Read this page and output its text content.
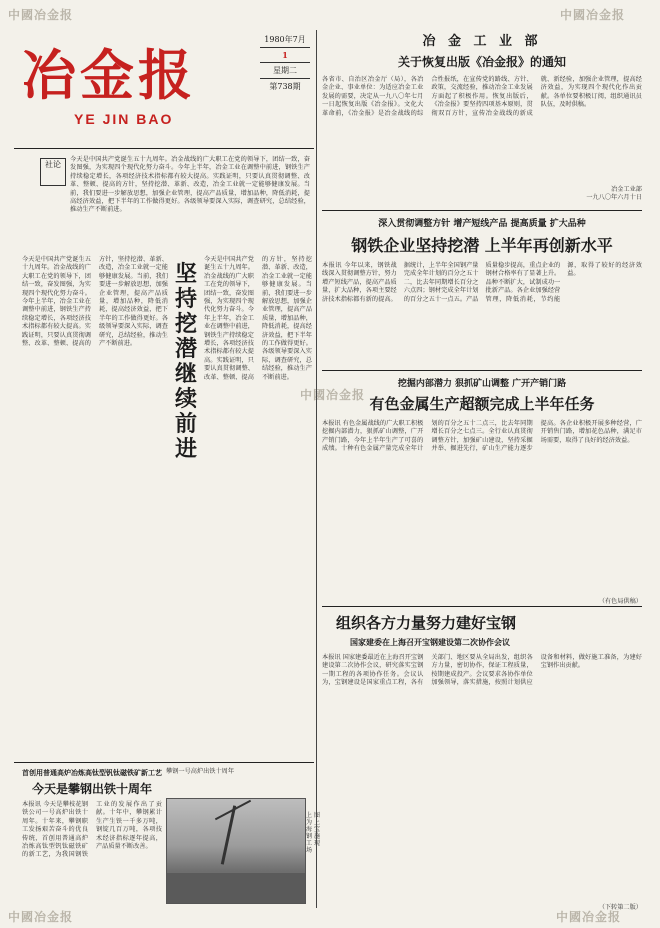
中國冶金报	中國冶金报
中國冶金报	中國冶金报
中國冶金报
冶金报
YE JIN BAO
1980年7月
1
星期二
第738期
冶 金 工 业 部
关于恢复出版《冶金报》的通知
各省市、自治区冶金厅（局），各冶金企业、事业单位：为适应冶金工业发展的需要，决定从一九八〇年七月一日起恢复出版《冶金报》。文化大革命前，《冶金报》是冶金战线的综合性报纸，在宣传党的路线、方针、政策，交流经验，推动冶金工业发展方面起了积极作用。恢复出版后，《冶金报》要坚持四项基本原则，贯彻双百方针，宣传冶金战线的新成就、新经验，加强企业管理，提高经济效益，为实现四个现代化作出贡献。各单位要积极订阅，组织通讯员队伍，及时供稿。
冶金工业部
一九八〇年六月十日
社论
今天是中国共产党诞生五十九周年。冶金战线的广大职工在党的领导下，团结一致，奋发图强，为实现四个现代化努力奋斗。今年上半年，冶金工业在调整中前进，钢铁生产持续稳定增长，各项经济技术指标都有较大提高。实践证明，只要认真贯彻调整、改革、整顿、提高的方针，坚持挖潜、革新、改造，冶金工业就一定能够健康发展。当前，我们要进一步解放思想，加强企业管理，提高产品质量，增加品种，降低消耗，提高经济效益，把下半年的工作做得更好。各级领导要深入实际，调查研究，总结经验，推动生产不断前进。
今天是中国共产党诞生五十九周年。冶金战线的广大职工在党的领导下，团结一致，奋发图强，为实现四个现代化努力奋斗。今年上半年，冶金工业在调整中前进，钢铁生产持续稳定增长，各项经济技术指标都有较大提高。实践证明，只要认真贯彻调整、改革、整顿、提高的方针，坚持挖潜、革新、改造，冶金工业就一定能够健康发展。当前，我们要进一步解放思想，加强企业管理，提高产品质量，增加品种，降低消耗，提高经济效益，把下半年的工作做得更好。各级领导要深入实际，调查研究，总结经验，推动生产不断前进。
坚持挖潜 继续前进
今天是中国共产党诞生五十九周年。冶金战线的广大职工在党的领导下，团结一致，奋发图强，为实现四个现代化努力奋斗。今年上半年，冶金工业在调整中前进，钢铁生产持续稳定增长，各项经济技术指标都有较大提高。实践证明，只要认真贯彻调整、改革、整顿、提高的方针，坚持挖潜、革新、改造，冶金工业就一定能够健康发展。当前，我们要进一步解放思想，加强企业管理，提高产品质量，增加品种，降低消耗，提高经济效益，把下半年的工作做得更好。各级领导要深入实际，调查研究，总结经验，推动生产不断前进。
深入贯彻调整方针 增产短线产品 提高质量 扩大品种
钢铁企业坚持挖潜 上半年再创新水平
本报讯 今年以来，钢铁战线深入贯彻调整方针，努力增产短线产品，提高产品质量，扩大品种，各项主要经济技术指标都有新的提高。据统计，上半年全国钢产量完成全年计划的百分之五十二，比去年同期增长百分之六点四；钢材完成全年计划的百分之五十一点五。产品质量稳步提高，重点企业的钢材合格率有了显著上升。品种不断扩大，试制成功一批新产品。各企业加强经营管理，降低消耗，节约能源，取得了较好的经济效益。
挖掘内部潜力 狠抓矿山调整 广开产销门路
有色金属生产超额完成上半年任务
本报讯 有色金属战线的广大职工积极挖掘内部潜力，狠抓矿山调整，广开产销门路，今年上半年生产了可喜的成绩。十种有色金属产量完成全年计划的百分之五十二点三，比去年同期增长百分之七点三。全行业认真贯彻调整方针，加强矿山建设，坚持采掘并举、掘进先行，矿山生产能力逐步提高。各企业积极开展多种经营，广开销售门路，增加花色品种，满足市场需要，取得了良好的经济效益。
（有色局供稿）
组织各方力量努力建好宝钢
国家建委在上海召开宝钢建设第二次协作会议
本报讯 国家建委最近在上海召开宝钢建设第二次协作会议，研究落实宝钢一期工程的各项协作任务。会议认为，宝钢建设是国家重点工程，各有关部门、地区要从全局出发，组织各方力量，密切协作，保证工程质量，按期建成投产。会议要求各协作单位加强领导，落实措施，按照计划供应设备和材料，做好施工准备，为建好宝钢作出贡献。
（下转第二版）
首创用普通高炉冶炼高钛型钒钛磁铁矿新工艺
今天是攀钢出铁十周年
本报讯 今天是攀枝花钢铁公司一号高炉出铁十周年。十年来，攀钢职工发扬艰苦奋斗的优良传统，首创用普通高炉冶炼高钛型钒钛磁铁矿的新工艺，为我国钢铁工业的发展作出了贡献。十年中，攀钢累计生产生铁一千多万吨，钢锭几百万吨，各项技术经济指标逐年提高，产品质量不断改善。
攀钢一号高炉出铁十周年
上图为上海宝钢施工现场
